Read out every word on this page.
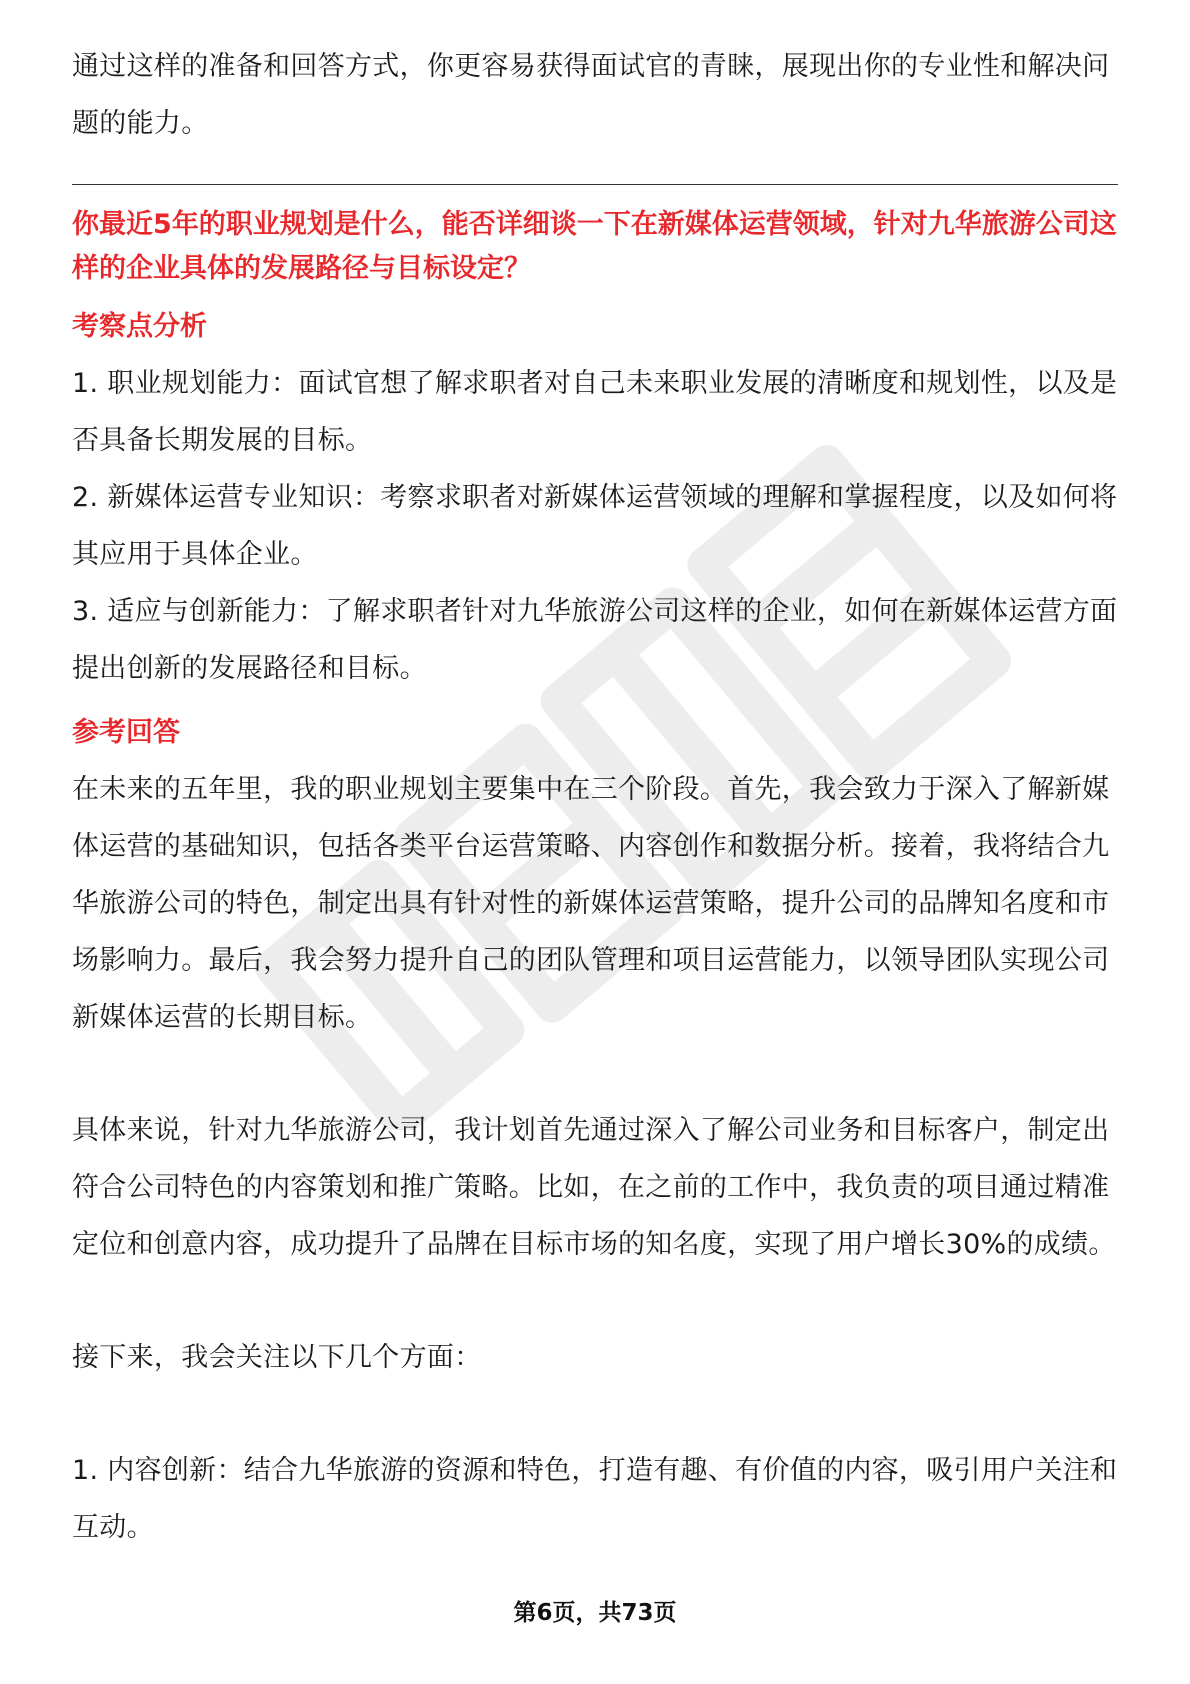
通过这样的准备和回答方式，你更容易获得面试官的青睐，展现出你的专业性和解决问题的能力。

你最近5年的职业规划是什么，能否详细谈一下在新媒体运营领域，针对九华旅游公司这样的企业具体的发展路径与目标设定？

考察点分析

1. 职业规划能力：面试官想了解求职者对自己未来职业发展的清晰度和规划性，以及是否具备长期发展的目标。

2. 新媒体运营专业知识：考察求职者对新媒体运营领域的理解和掌握程度，以及如何将其应用于具体企业。

3. 适应与创新能力：了解求职者针对九华旅游公司这样的企业，如何在新媒体运营方面提出创新的发展路径和目标。

参考回答

在未来的五年里，我的职业规划主要集中在三个阶段。首先，我会致力于深入了解新媒体运营的基础知识，包括各类平台运营策略、内容创作和数据分析。接着，我将结合九华旅游公司的特色，制定出具有针对性的新媒体运营策略，提升公司的品牌知名度和市场影响力。最后，我会努力提升自己的团队管理和项目运营能力，以领导团队实现公司新媒体运营的长期目标。

具体来说，针对九华旅游公司，我计划首先通过深入了解公司业务和目标客户，制定出符合公司特色的内容策划和推广策略。比如，在之前的工作中，我负责的项目通过精准定位和创意内容，成功提升了品牌在目标市场的知名度，实现了用户增长30%的成绩。

接下来，我会关注以下几个方面：

1. 内容创新：结合九华旅游的资源和特色，打造有趣、有价值的内容，吸引用户关注和互动。

第6页，共73页
